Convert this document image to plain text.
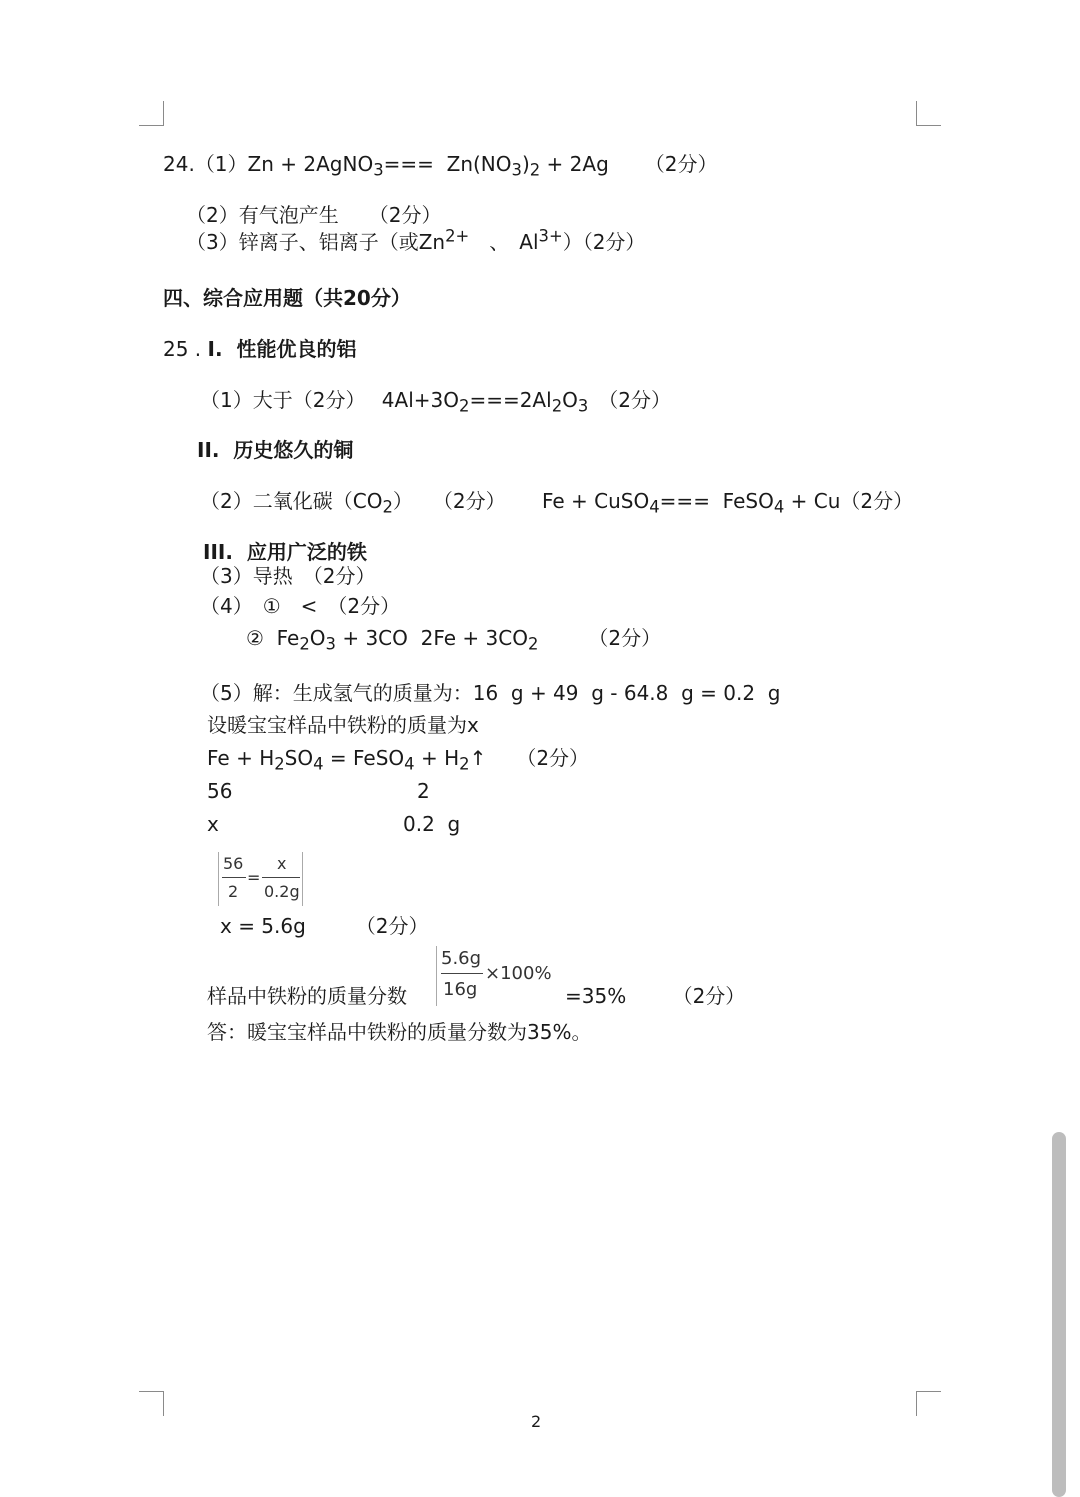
24.（1）Zn + 2AgNO$_3$===  $Zn(NO_3)_2 + 2Ag$ （2分）
（2）有气泡产生　　（2分）
（3）锌离子、铝离子（或$Zn^{2+}$　、　$Al^{3+})(2$分）
四、综合应用题（共20分）
25 . I.  性能优良的铝
（1）大于（2分）　 $4Al+3O_2===2Al_2O_3$　（2分）
II.  历史悠久的铜
（2）二氧化碳$(CO_2)$　　（2分）　　 Fe + CuSO$_4$===  FeSO$_4$ + Cu（2分）
III.  应用广泛的铁
（3）导热　（2分）
（4）　①　<　（2分）
②  $Fe_2O_3 + 3CO$  $2Fe + 3CO_2$　　　（2分）
（5）解：生成氢气的质量为：16  g + 49  g - 64.8  g = 0.2  g
设暖宝宝样品中铁粉的质量为x
$Fe + H_2SO_4$ = FeSO$_4$ + $H_2↑$　　（2分）
56	2
x	0.2  g
56
2
=
x
0.2g
x = 5.6g　　　（2分）
5.6g
16g
×100%
样品中铁粉的质量分数	=35%　　 （2分）
答：暖宝宝样品中铁粉的质量分数为35%。
2
